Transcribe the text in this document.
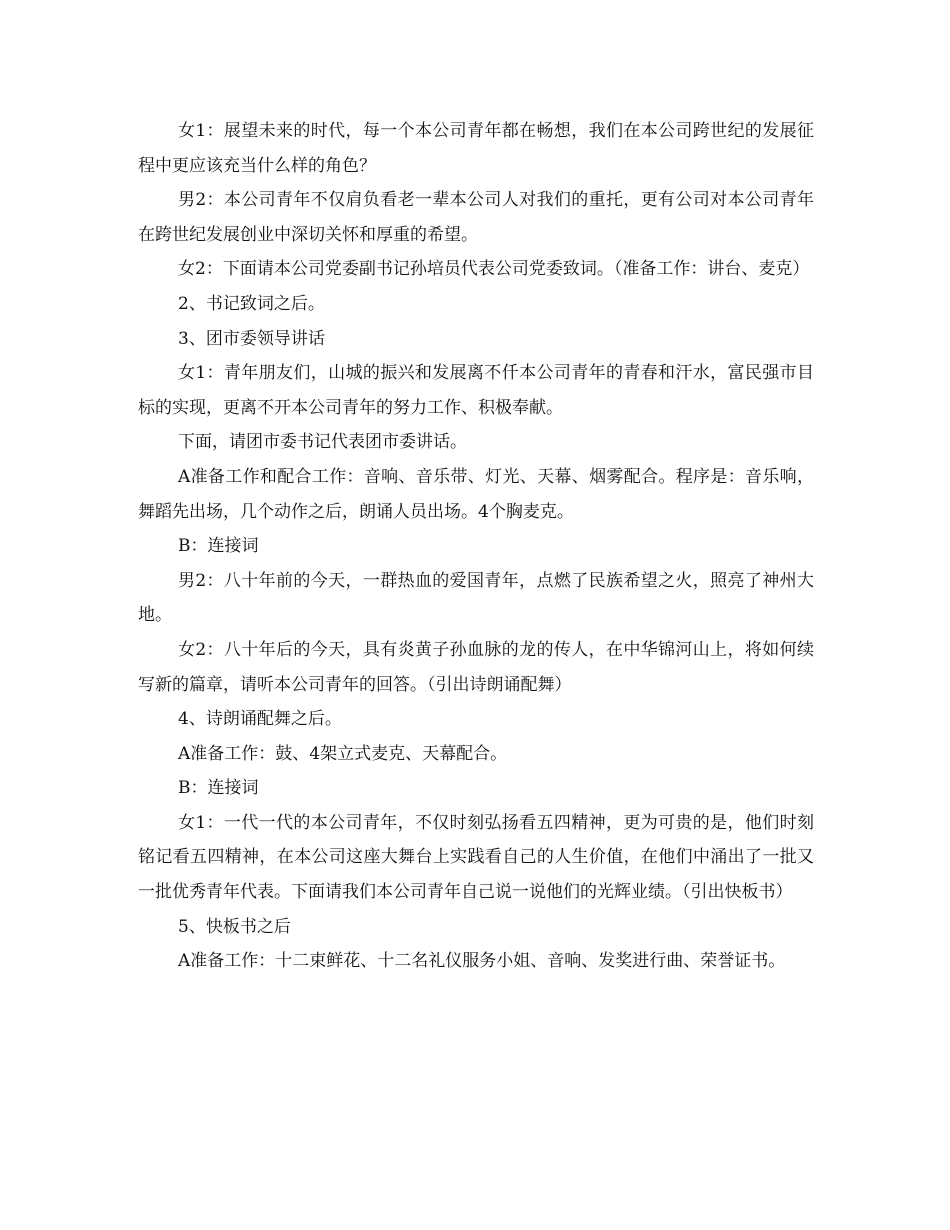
女1：展望未来的时代，每一个本公司青年都在畅想，我们在本公司跨世纪的发展征程中更应该充当什么样的角色？

男2：本公司青年不仅肩负看老一辈本公司人对我们的重托，更有公司对本公司青年在跨世纪发展创业中深切关怀和厚重的希望。

女2：下面请本公司党委副书记孙培员代表公司党委致词。（准备工作：讲台、麦克）

2、书记致词之后。

3、团市委领导讲话

女1：青年朋友们，山城的振兴和发展离不仟本公司青年的青春和汗水，富民强市目标的实现，更离不开本公司青年的努力工作、积极奉献。

下面，请团市委书记代表团市委讲话。

A准备工作和配合工作：音响、音乐带、灯光、天幕、烟雾配合。程序是：音乐响，舞蹈先出场，几个动作之后，朗诵人员出场。4个胸麦克。

B：连接词

男2：八十年前的今天，一群热血的爱国青年，点燃了民族希望之火，照亮了神州大地。

女2：八十年后的今天，具有炎黄子孙血脉的龙的传人，在中华锦河山上，将如何续写新的篇章，请听本公司青年的回答。（引出诗朗诵配舞）

4、诗朗诵配舞之后。

A准备工作：鼓、4架立式麦克、天幕配合。

B：连接词

女1：一代一代的本公司青年，不仅时刻弘扬看五四精神，更为可贵的是，他们时刻铭记看五四精神，在本公司这座大舞台上实践看自己的人生价值，在他们中涌出了一批又一批优秀青年代表。下面请我们本公司青年自己说一说他们的光辉业绩。（引出快板书）

5、快板书之后

A准备工作：十二束鲜花、十二名礼仪服务小姐、音响、发奖进行曲、荣誉证书。
